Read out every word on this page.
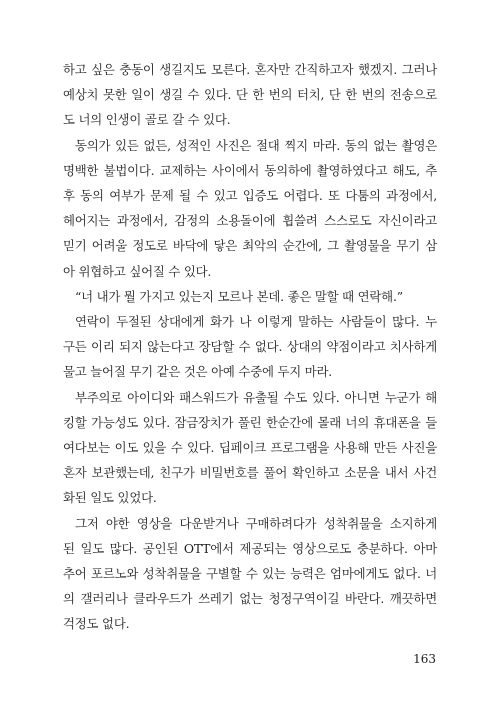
하고 싶은 충동이 생길지도 모른다. 혼자만 간직하고자 했겠지. 그러나
예상치 못한 일이 생길 수 있다. 단 한 번의 터치, 단 한 번의 전송으로
도 너의 인생이 골로 갈 수 있다.

동의가 있든 없든, 성적인 사진은 절대 찍지 마라. 동의 없는 촬영은
명백한 불법이다. 교제하는 사이에서 동의하에 촬영하였다고 해도, 추
후 동의 여부가 문제 될 수 있고 입증도 어렵다. 또 다툼의 과정에서,
헤어지는 과정에서, 감정의 소용돌이에 휩쓸려 스스로도 자신이라고
믿기 어려울 정도로 바닥에 닿은 최악의 순간에, 그 촬영물을 무기 삼
아 위협하고 싶어질 수 있다.

“너 내가 뭘 가지고 있는지 모르나 본데. 좋은 말할 때 연락해.”

연락이 두절된 상대에게 화가 나 이렇게 말하는 사람들이 많다. 누
구든 이리 되지 않는다고 장담할 수 없다. 상대의 약점이라고 치사하게
물고 늘어질 무기 같은 것은 아예 수중에 두지 마라.

부주의로 아이디와 패스워드가 유출될 수도 있다. 아니면 누군가 해
킹할 가능성도 있다. 잠금장치가 풀린 한순간에 몰래 너의 휴대폰을 들
여다보는 이도 있을 수 있다. 딥페이크 프로그램을 사용해 만든 사진을
혼자 보관했는데, 친구가 비밀번호를 풀어 확인하고 소문을 내서 사건
화된 일도 있었다.

그저 야한 영상을 다운받거나 구매하려다가 성착취물을 소지하게
된 일도 많다. 공인된 OTT에서 제공되는 영상으로도 충분하다. 아마
추어 포르노와 성착취물을 구별할 수 있는 능력은 엄마에게도 없다. 너
의 갤러리나 클라우드가 쓰레기 없는 청정구역이길 바란다. 깨끗하면
걱정도 없다.

163
